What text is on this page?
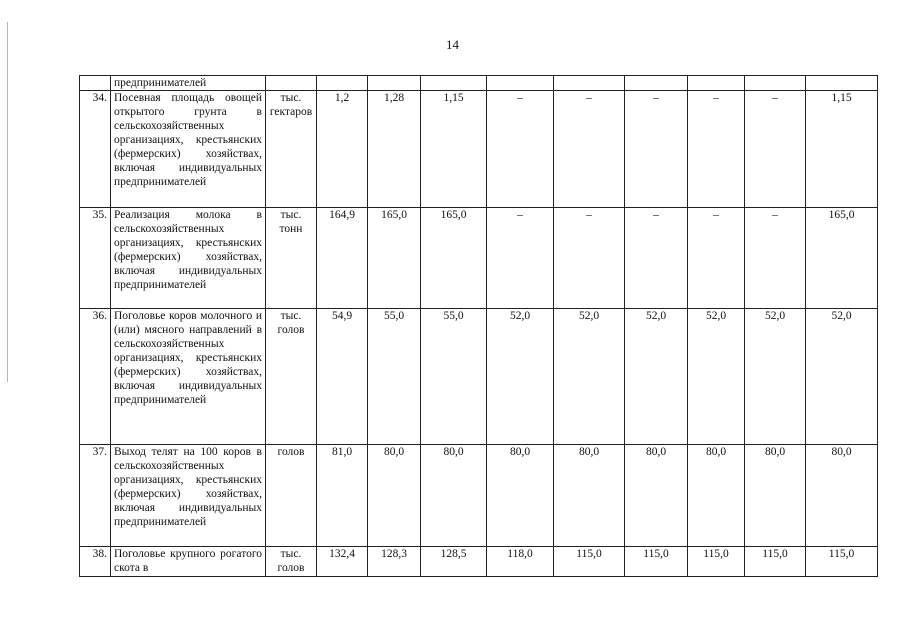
14
	предпринимателей										
34.	Посевная площадь овощей открытого грунта в сельскохозяйственных организациях, крестьянских (фермерских) хозяйствах, включая индивидуальных предпринимателей	тыс. гектаров	1,2	1,28	1,15	–	–	–	–	–	1,15
35.	Реализация молока в сельскохозяйственных организациях, крестьянских (фермерских) хозяйствах, включая индивидуальных предпринимателей	тыс. тонн	164,9	165,0	165,0	–	–	–	–	–	165,0
36.	Поголовье коров молочного и (или) мясного направлений в сельскохозяйственных организациях, крестьянских (фермерских) хозяйствах, включая индивидуальных предпринимателей	тыс. голов	54,9	55,0	55,0	52,0	52,0	52,0	52,0	52,0	52,0
37.	Выход телят на 100 коров в сельскохозяйственных организациях, крестьянских (фермерских) хозяйствах, включая индивидуальных предпринимателей	голов	81,0	80,0	80,0	80,0	80,0	80,0	80,0	80,0	80,0
38.	Поголовье крупного рогатого скота в	тыс. голов	132,4	128,3	128,5	118,0	115,0	115,0	115,0	115,0	115,0
